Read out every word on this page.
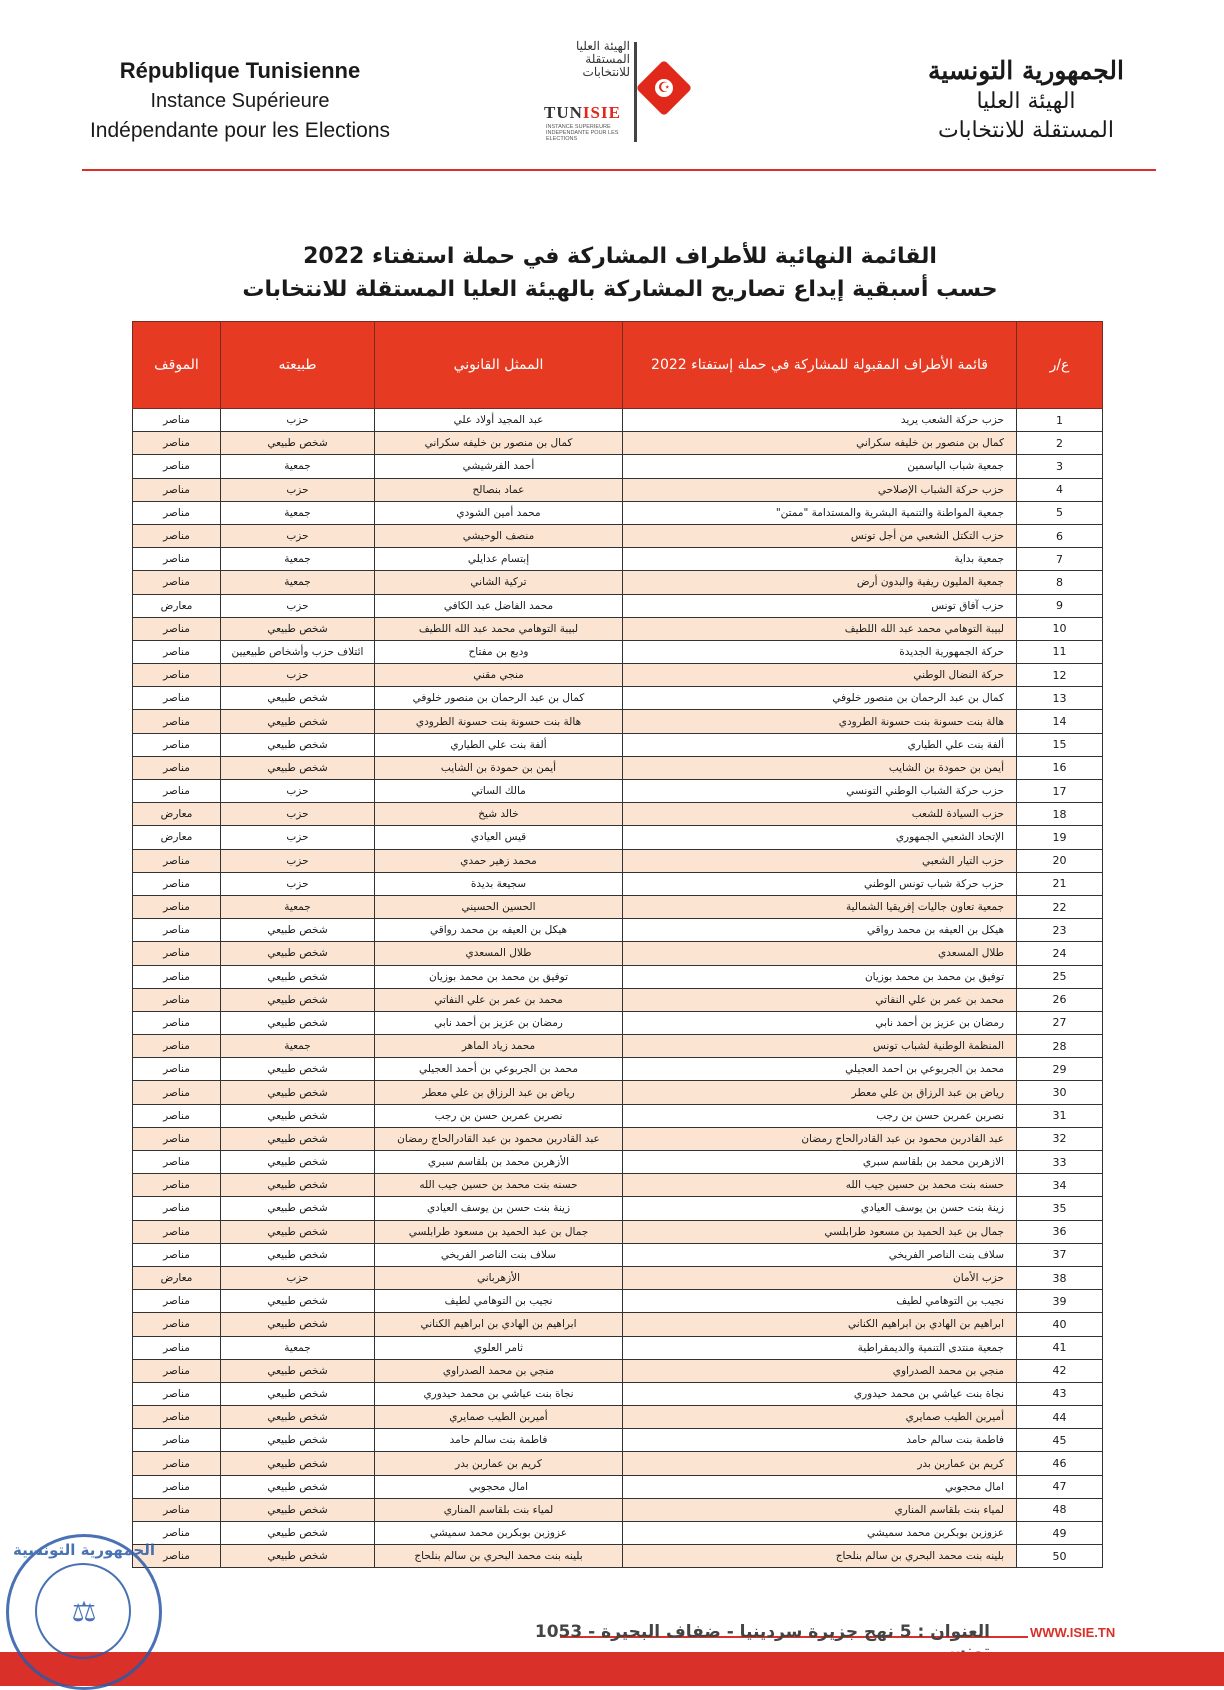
République Tunisienne
Instance Supérieure
Indépendante pour les Elections
الهيئة العليا المستقلة للانتخابات
TUNISIE
INSTANCE SUPERIEURE INDEPENDANTE POUR LES ELECTIONS
☪
الجمهورية التونسية
الهيئة العليا
المستقلة للانتخابات
القائمة النهائية للأطراف المشاركة في حملة استفتاء 2022
حسب أسبقية إيداع تصاريح المشاركة بالهيئة العليا المستقلة للانتخابات
ع/ر	قائمة الأطراف المقبولة للمشاركة في حملة إستفتاء 2022	الممثل القانوني	طبيعته	الموقف
1	حزب حركة الشعب يريد	عبد المجيد أولاد علي	حزب	مناصر
2	كمال بن منصور بن خليفه سكراني	كمال بن منصور بن خليفه سكراني	شخص طبيعي	مناصر
3	جمعية شباب الياسمين	أحمد الفرشيشي	جمعية	مناصر
4	حزب حركة الشباب الإصلاحي	عماد بنصالح	حزب	مناصر
5	جمعية المواطنة والتنمية البشرية والمستدامة "ممتن"	محمد أمين الشودي	جمعية	مناصر
6	حزب التكتل الشعبي من أجل تونس	منصف الوحيشي	حزب	مناصر
7	جمعية بداية	إبتسام عدايلي	جمعية	مناصر
8	جمعية المليون ريفية والبدون أرض	تركية الشاني	جمعية	مناصر
9	حزب آفاق تونس	محمد الفاضل عبد الكافي	حزب	معارض
10	لبيبة التوهامي محمد عبد الله اللطيف	لبيبة التوهامي محمد عبد الله اللطيف	شخص طبيعي	مناصر
11	حركة الجمهورية الجديدة	وديع بن مفتاح	ائتلاف حزب وأشخاص طبيعيين	مناصر
12	حركة النضال الوطني	منجي مقني	حزب	مناصر
13	كمال بن عبد الرحمان بن منصور خلوفي	كمال بن عبد الرحمان بن منصور خلوفي	شخص طبيعي	مناصر
14	هالة بنت حسونة بنت حسونة الطرودي	هالة بنت حسونة بنت حسونة الطرودي	شخص طبيعي	مناصر
15	ألفة بنت علي الطياري	ألفة بنت علي الطياري	شخص طبيعي	مناصر
16	أيمن بن حمودة بن الشايب	أيمن بن حمودة بن الشايب	شخص طبيعي	مناصر
17	حزب حركة الشباب الوطني التونسي	مالك الساتي	حزب	مناصر
18	حزب السيادة للشعب	خالد شيخ	حزب	معارض
19	الإتحاد الشعبي الجمهوري	قيس العيادي	حزب	معارض
20	حزب التيار الشعبي	محمد زهير حمدي	حزب	مناصر
21	حزب حركة شباب تونس الوطني	سجيعة بديدة	حزب	مناصر
22	جمعية تعاون جاليات إفريقيا الشمالية	الحسين الحسيني	جمعية	مناصر
23	هيكل بن العيفه بن محمد رواقي	هيكل بن العيفه بن محمد رواقي	شخص طبيعي	مناصر
24	طلال المسعدي	طلال المسعدي	شخص طبيعي	مناصر
25	توفيق بن محمد بن محمد بوزيان	توفيق بن محمد بن محمد بوزيان	شخص طبيعي	مناصر
26	محمد بن عمر بن علي النفاتي	محمد بن عمر بن علي النفاتي	شخص طبيعي	مناصر
27	رمضان بن عزيز بن أحمد نابي	رمضان بن عزيز بن أحمد نابي	شخص طبيعي	مناصر
28	المنظمة الوطنية لشباب تونس	محمد زياد الماهر	جمعية	مناصر
29	محمد بن الجربوعي بن احمد العجيلي	محمد بن الجربوعي بن أحمد العجيلي	شخص طبيعي	مناصر
30	رياض بن عبد الرزاق بن علي معطر	رياض بن عبد الرزاق بن علي معطر	شخص طبيعي	مناصر
31	نصربن عمربن حسن بن رجب	نصربن عمربن حسن بن رجب	شخص طبيعي	مناصر
32	عبد القادربن محمود بن عبد القادرالحاج رمضان	عبد القادربن محمود بن عبد القادرالحاج رمضان	شخص طبيعي	مناصر
33	الازهربن محمد بن بلقاسم سبري	الأزهربن محمد بن بلقاسم سبري	شخص طبيعي	مناصر
34	حسنه بنت محمد بن حسين جيب الله	حسنه بنت محمد بن حسين جيب الله	شخص طبيعي	مناصر
35	زينة بنت حسن بن يوسف العيادي	زينة بنت حسن بن يوسف العيادي	شخص طبيعي	مناصر
36	جمال بن عبد الحميد بن مسعود طرابلسي	جمال بن عبد الحميد بن مسعود طرابلسي	شخص طبيعي	مناصر
37	سلاف بنت الناصر الفريخي	سلاف بنت الناصر الفريخي	شخص طبيعي	مناصر
38	حزب الأمان	الأزهرباني	حزب	معارض
39	نجيب بن التوهامي لطيف	نجيب بن التوهامي لطيف	شخص طبيعي	مناصر
40	ابراهيم بن الهادي بن ابراهيم الكناني	ابراهيم بن الهادي بن ابراهيم الكناني	شخص طبيعي	مناصر
41	جمعية منتدى التنمية والديمقراطية	ثامر العلوي	جمعية	مناصر
42	منجي بن محمد الصدراوي	منجي بن محمد الصدراوي	شخص طبيعي	مناصر
43	نجاة بنت عياشي بن محمد حيدوري	نجاة بنت عياشي بن محمد حيدوري	شخص طبيعي	مناصر
44	أميربن الطيب صمايري	أميربن الطيب صمايري	شخص طبيعي	مناصر
45	فاطمة بنت سالم حامد	فاطمة بنت سالم حامد	شخص طبيعي	مناصر
46	كريم بن عماربن بدر	كريم بن عماربن بدر	شخص طبيعي	مناصر
47	امال محجوبي	امال محجوبي	شخص طبيعي	مناصر
48	لمياء بنت بلقاسم المناري	لمياء بنت بلقاسم المناري	شخص طبيعي	مناصر
49	عزوزبن بوبكربن محمد سميشي	عزوزبن بوبكربن محمد سميشي	شخص طبيعي	مناصر
50	بلينه بنت محمد البحري بن سالم بنلحاج	بلينه بنت محمد البحري بن سالم بنلحاج	شخص طبيعي	مناصر
WWW.ISIE.TN
العنوان : 5 نهج جزيرة سردينيا - ضفاف البحيرة - 1053
الجمهورية التونسية
⚖
